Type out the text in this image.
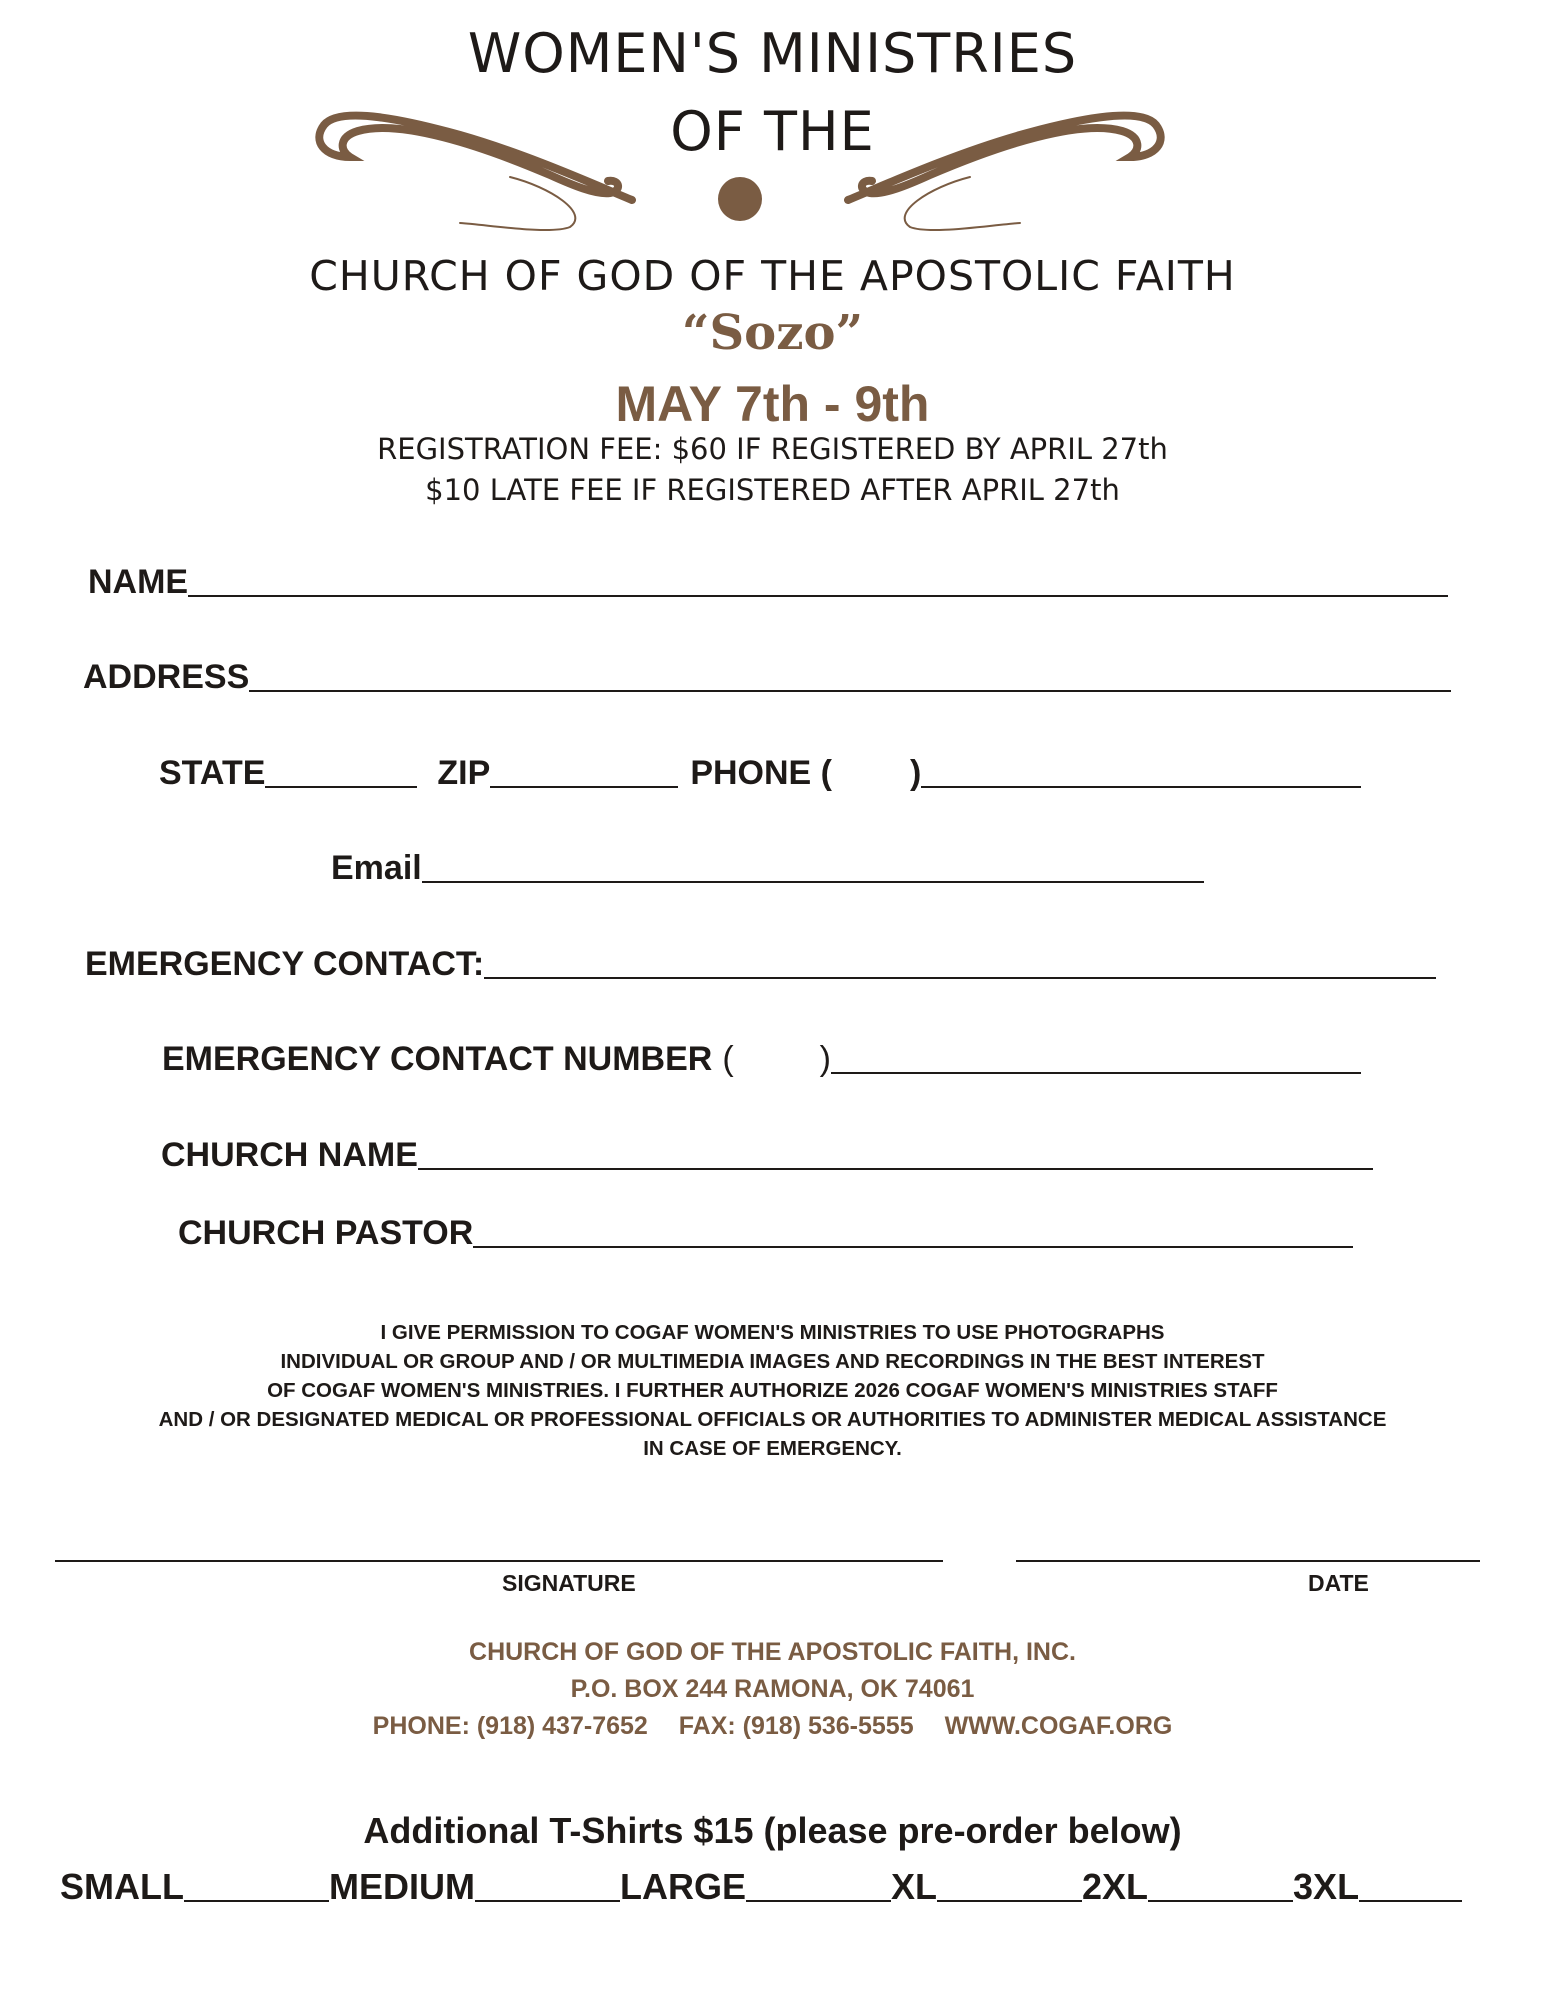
WOMEN'S MINISTRIES
OF THE
CHURCH OF GOD OF THE APOSTOLIC FAITH
“Sozo”
MAY 7th - 9th
REGISTRATION FEE: $60 IF REGISTERED BY APRIL 27th
$10 LATE FEE IF REGISTERED AFTER APRIL 27th
NAME
ADDRESS
STATE	ZIP	PHONE ( )
Email
EMERGENCY CONTACT:
EMERGENCY CONTACT NUMBER (	)
CHURCH NAME
CHURCH PASTOR
I GIVE PERMISSION TO COGAF WOMEN'S MINISTRIES TO USE PHOTOGRAPHS
INDIVIDUAL OR GROUP AND / OR MULTIMEDIA IMAGES AND RECORDINGS IN THE BEST INTEREST
OF COGAF WOMEN'S MINISTRIES. I FURTHER AUTHORIZE 2026 COGAF WOMEN'S MINISTRIES STAFF
AND / OR DESIGNATED MEDICAL OR PROFESSIONAL OFFICIALS OR AUTHORITIES TO ADMINISTER MEDICAL ASSISTANCE
IN CASE OF EMERGENCY.
SIGNATURE	DATE
CHURCH OF GOD OF THE APOSTOLIC FAITH, INC.
P.O. BOX 244 RAMONA, OK 74061
PHONE: (918) 437-7652 FAX: (918) 536-5555 WWW.COGAF.ORG
Additional T-Shirts $15 (please pre-order below)
SMALL	MEDIUM	LARGE	XL	2XL	3XL
